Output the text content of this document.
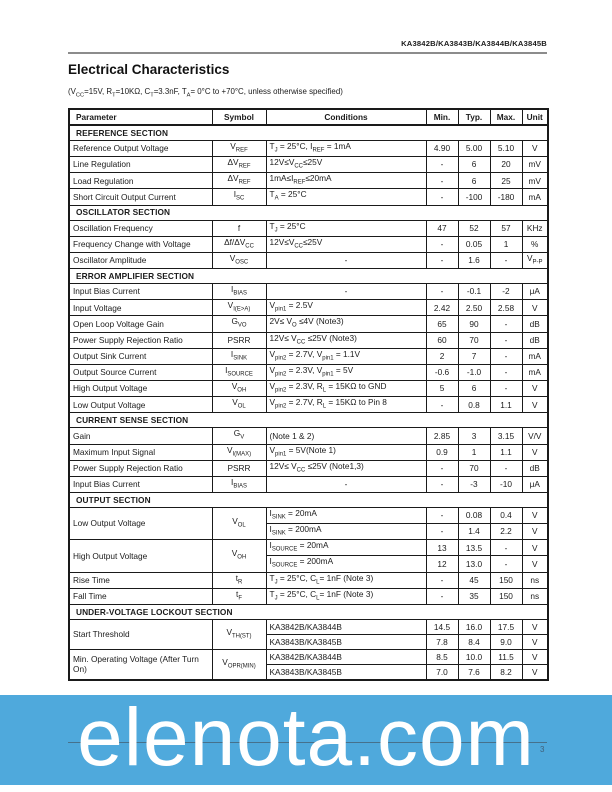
KA3842B/KA3843B/KA3844B/KA3845B
Electrical Characteristics
($V_{CC}=15V$, $R_T=10K\Omega$, $C_T=3.3nF$, $T_A= 0^\circ C$ to +70°C, unless otherwise specified)
Parameter	Symbol	Conditions	Min.	Typ.	Max.	Unit
REFERENCE SECTION						
Reference Output Voltage	$V_{REF}$	$T_J = 25^\circ C$, $I_{REF} = 1mA$	4.90	5.00	5.10	V
Line Regulation	$\Delta V_{REF}$	$12V\le V_{CC}\le 25V$	-	6	20	mV
Load Regulation	$\Delta V_{REF}$	$1mA\le I_{REF}\le 20mA$	-	6	25	mV
Short Circuit Output Current	$I_{SC}$	$T_A = 25^\circ C$	-	-100	-180	mA
OSCILLATOR SECTION						
Oscillation Frequency	f	$T_J = 25^\circ C$	47	52	57	KHz
Frequency Change with Voltage	$\Delta f/\Delta V_{CC}$	$12V\le V_{CC}\le 25V$	-	0.05	1	%
Oscillator Amplitude	$V_{OSC}$	-	-	1.6	-	$V_{P-P}$
ERROR AMPLIFIER SECTION						
Input Bias Current	$I_{BIAS}$	-	-	-0.1	-2	μA
Input Voltage	$V_{I(E>A)}$	$V_{pin1} = 2.5V$	2.42	2.50	2.58	V
Open Loop Voltage Gain	$G_{VO}$	$2V\le V_O \le 4V$ (Note3)	65	90	-	dB
Power Supply Rejection Ratio	PSRR	$12V\le V_{CC} \le 25V$ (Note3)	60	70	-	dB
Output Sink Current	$I_{SINK}$	$V_{pin2} = 2.7V$, $V_{pin1} = 1.1V$	2	7	-	mA
Output Source Current	$I_{SOURCE}$	$V_{pin2} = 2.3V$, $V_{pin1} = 5V$	-0.6	-1.0	-	mA
High Output Voltage	$V_{OH}$	$V_{pin2} = 2.3V$, $R_L = 15K\Omega$ to GND	5	6	-	V
Low Output Voltage	$V_{OL}$	$V_{pin2} = 2.7V$, $R_L = 15K\Omega$ to Pin 8	-	0.8	1.1	V
CURRENT SENSE SECTION						
Gain	$G_V$	(Note 1 & 2)	2.85	3	3.15	V/V
Maximum Input Signal	$V_{I(MAX)}$	$V_{pin1}$ = 5V(Note 1)	0.9	1	1.1	V
Power Supply Rejection Ratio	PSRR	$12V\le V_{CC} \le 25V$ (Note1,3)	-	70	-	dB
Input Bias Current	$I_{BIAS}$	-	-	-3	-10	μA
OUTPUT SECTION						
Low Output Voltage	$V_{OL}$	$I_{SINK} = 20mA$	-	0.08	0.4	V
		$I_{SINK} = 200mA$	-	1.4	2.2	V
High Output Voltage	$V_{OH}$	$I_{SOURCE} = 20mA$	13	13.5	-	V
		$I_{SOURCE} = 200mA$	12	13.0	-	V
Rise Time	$t_R$	$T_J = 25^\circ C$, $C_L= 1nF$ (Note 3)	-	45	150	ns
Fall Time	$t_F$	$T_J = 25^\circ C$, $C_L= 1nF$ (Note 3)	-	35	150	ns
UNDER-VOLTAGE LOCKOUT SECTION						
Start Threshold	$V_{TH(ST)}$	KA3842B/KA3844B	14.5	16.0	17.5	V
		KA3843B/KA3845B	7.8	8.4	9.0	V
Min. Operating Voltage (After Turn On)	$V_{OPR(MIN)}$	KA3842B/KA3844B	8.5	10.0	11.5	V
		KA3843B/KA3845B	7.0	7.6	8.2	V
elenota.com 3
